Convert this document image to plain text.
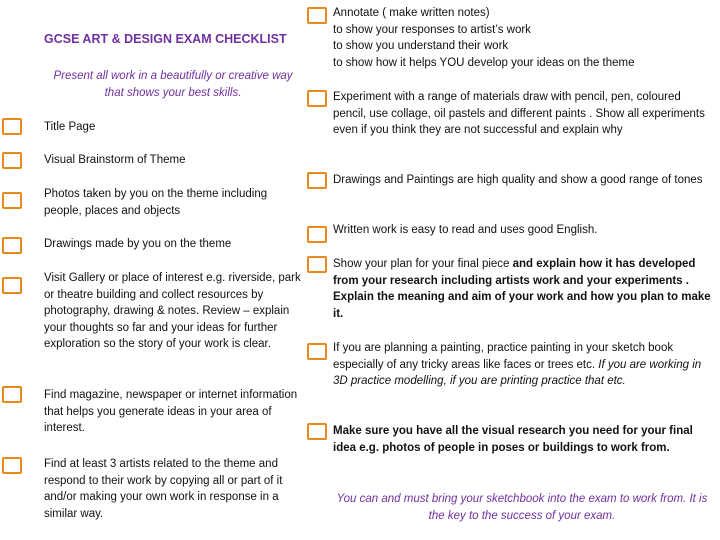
GCSE ART & DESIGN EXAM CHECKLIST
Present all work in a beautifully or creative way that shows your best skills.
Title Page
Visual Brainstorm of Theme
Photos taken by you on the theme including people, places and objects
Drawings made by you on the theme
Visit Gallery or place of interest e.g. riverside, park or theatre building and collect resources by photography, drawing & notes. Review – explain your thoughts so far and your ideas for further exploration so the story of your work is clear.
Find magazine, newspaper or internet information that helps you generate ideas in your area of interest.
Find at least 3 artists related to the theme and respond to their work by copying all or part of it and/or making your own work in response in a similar way.
Annotate ( make written notes)
to show your responses to artist’s work
to show you understand their work
to show how it helps YOU develop your ideas on the theme
Experiment with a range of materials draw with pencil, pen, coloured pencil, use collage, oil pastels and different paints . Show all experiments even if you think they are not successful and explain why
Drawings and Paintings are high quality and show a good range of tones
Written work is easy to read and uses good English.
Show your plan for your final piece and explain how it has developed from your research including artists work and your experiments . Explain the meaning and aim of your work and how you plan to make it.
If you are planning a painting, practice painting in your sketch book especially of any tricky areas like faces or trees etc. If you are working in 3D practice modelling, if you are printing practice that etc.
Make sure you have all the visual research you need for your final idea e.g. photos of people in poses or buildings to work from.
You can and must bring your sketchbook into the exam to work from. It is the key to the success of your exam.
